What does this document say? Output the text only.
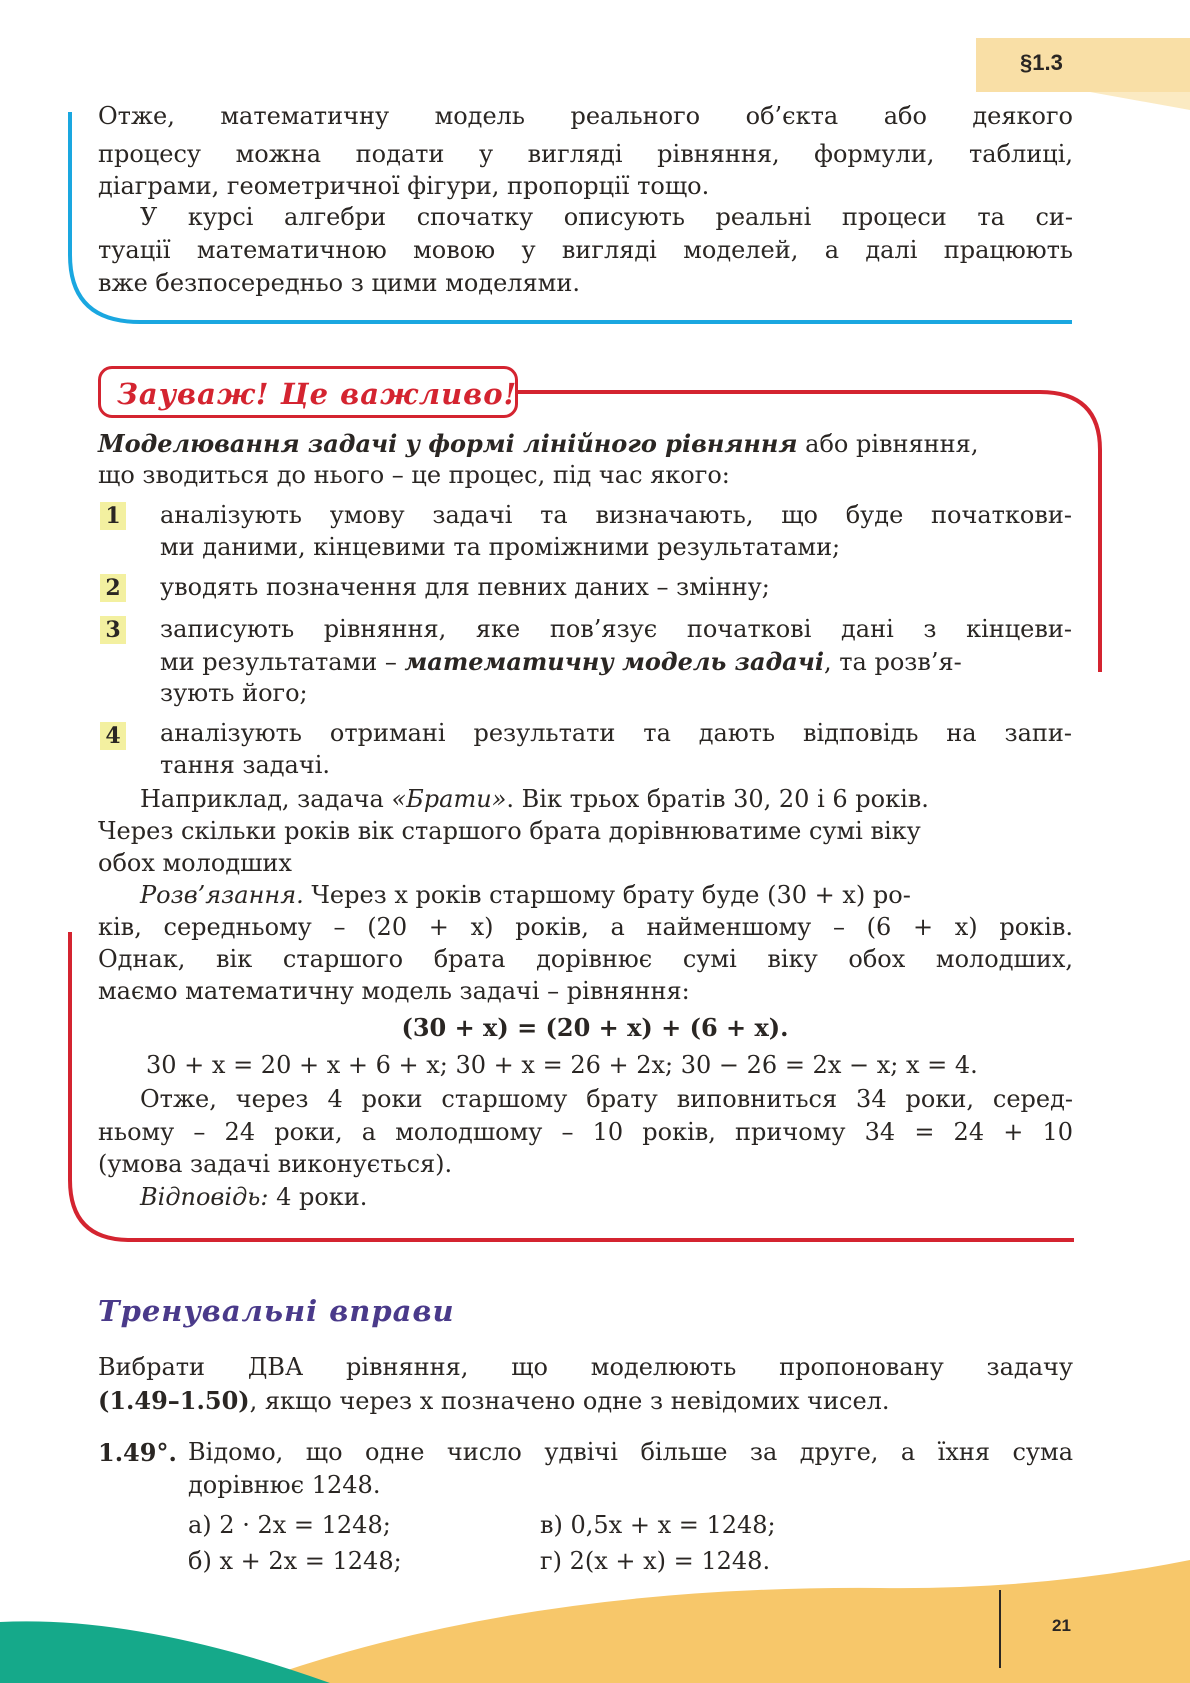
§1.3
Отже, математичну модель реального об’єкта або деякого
процесу можна подати у вигляді рівняння, формули, таблиці,
діаграми, геометричної фігури, пропорції тощо.
У курсі алгебри спочатку описують реальні процеси та си-
туації математичною мовою у вигляді моделей, а далі працюють
вже безпосередньо з цими моделями.
Зауваж! Це важливо!
Моделювання задачі у формі лінійного рівняння або рівняння,
що зводиться до нього – це процес, під час якого:
1 аналізують умову задачі та визначають, що буде початкови-
ми даними, кінцевими та проміжними результатами;
2 уводять позначення для певних даних – змінну;
3 записують рівняння, яке пов’язує початкові дані з кінцеви-
ми результатами – математичну модель задачі, та розв’я-
зують його;
4 аналізують отримані результати та дають відповідь на запи-
тання задачі.
Наприклад, задача «Брати». Вік трьох братів 30, 20 і 6 років.
Через скільки років вік старшого брата дорівнюватиме сумі віку
обох молодших
Розв’язання. Через x років старшому брату буде (30 + x) ро-
ків, середньому – (20 + x) років, а найменшому – (6 + x) років.
Однак, вік старшого брата дорівнює сумі віку обох молодших,
маємо математичну модель задачі – рівняння:
(30 + x) = (20 + x) + (6 + x).
30 + x = 20 + x + 6 + x; 30 + x = 26 + 2x; 30 − 26 = 2x − x; x = 4.
Отже, через 4 роки старшому брату виповниться 34 роки, серед-
ньому – 24 роки, а молодшому – 10 років, причому 34 = 24 + 10
(умова задачі виконується).
Відповідь: 4 роки.
Тренувальні вправи
Вибрати ДВА рівняння, що моделюють пропоновану задачу
(1.49–1.50), якщо через x позначено одне з невідомих чисел.
1.49°. Відомо, що одне число удвічі більше за друге, а їхня сума
дорівнює 1248.
а) 2 · 2x = 1248;	в) 0,5x + x = 1248;
б) x + 2x = 1248;	г) 2(x + x) = 1248.
21
